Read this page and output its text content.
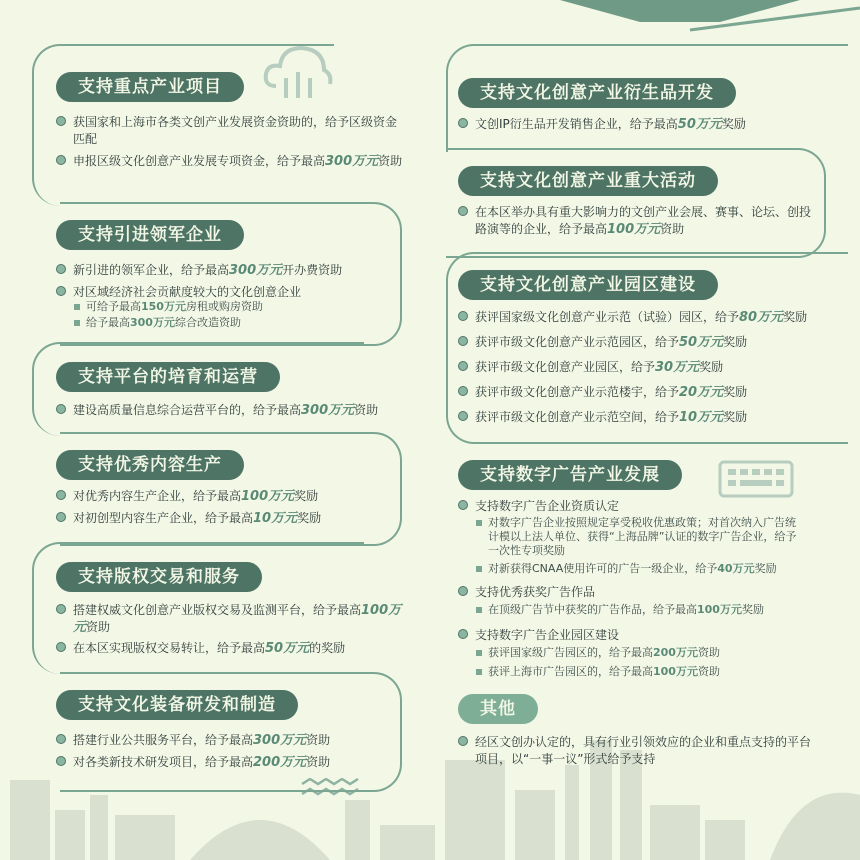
支持重点产业项目
获国家和上海市各类文创产业发展资金资助的，给予区级资金匹配
申报区级文化创意产业发展专项资金，给予最高300万元资助
支持引进领军企业
新引进的领军企业，给予最高300万元开办费资助
对区域经济社会贡献度较大的文化创意企业
可给予最高150万元房租或购房资助
给予最高300万元综合改造资助
支持平台的培育和运营
建设高质量信息综合运营平台的，给予最高300万元资助
支持优秀内容生产
对优秀内容生产企业，给予最高100万元奖励
对初创型内容生产企业，给予最高10万元奖励
支持版权交易和服务
搭建权威文化创意产业版权交易及监测平台，给予最高100万元资助
在本区实现版权交易转让，给予最高50万元的奖励
支持文化装备研发和制造
搭建行业公共服务平台，给予最高300万元资助
对各类新技术研发项目，给予最高200万元资助
支持文化创意产业衍生品开发
文创IP衍生品开发销售企业，给予最高50万元奖励
支持文化创意产业重大活动
在本区举办具有重大影响力的文创产业会展、赛事、论坛、创投路演等的企业，给予最高100万元资助
支持文化创意产业园区建设
获评国家级文化创意产业示范（试验）园区，给予80万元奖励
获评市级文化创意产业示范园区，给予50万元奖励
获评市级文化创意产业园区，给予30万元奖励
获评市级文化创意产业示范楼宇，给予20万元奖励
获评市级文化创意产业示范空间，给予10万元奖励
支持数字广告产业发展
支持数字广告企业资质认定
对数字广告企业按照规定享受税收优惠政策；对首次纳入广告统计模以上法人单位、获得“上海品牌”认证的数字广告企业，给予一次性专项奖励
对新获得CNAA使用许可的广告一级企业，给予40万元奖励
支持优秀获奖广告作品
在顶级广告节中获奖的广告作品，给予最高100万元奖励
支持数字广告企业园区建设
获评国家级广告园区的，给予最高200万元资助
获评上海市广告园区的，给予最高100万元资助
其他
经区文创办认定的，具有行业引领效应的企业和重点支持的平台项目，以“一事一议”形式给予支持
